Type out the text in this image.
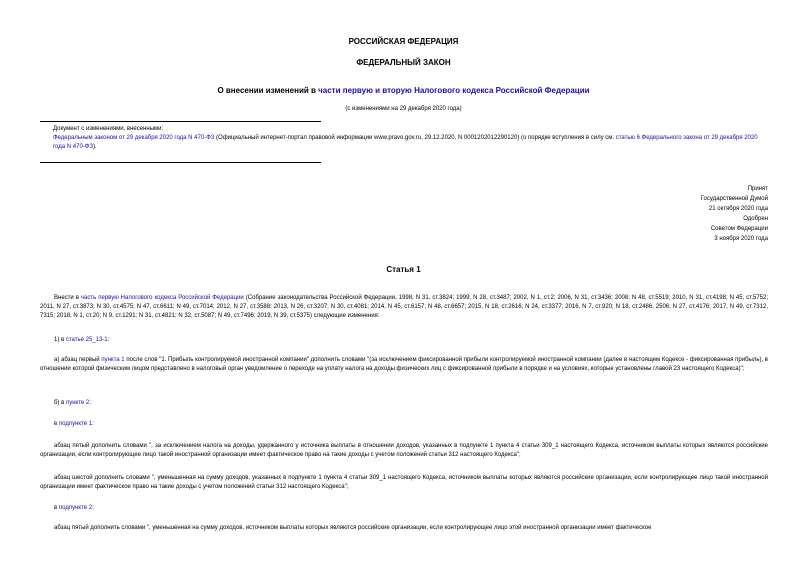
РОССИЙСКАЯ ФЕДЕРАЦИЯ
ФЕДЕРАЛЬНЫЙ ЗАКОН
О внесении изменений в части первую и вторую Налогового кодекса Российской Федерации
(с изменениями на 29 декабря 2020 года)
Документ с изменениями, внесенными:
Федеральным законом от 29 декабря 2020 года N 470-ФЗ (Официальный интернет-портал правовой информации www.pravo.gov.ru, 29.12.2020, N 0001202012290120) (о порядке вступления в силу см. статью 6 Федерального закона от 29 декабря 2020 года N 470-ФЗ).
Принят
Государственной Думой
21 октября 2020 года
Одобрен
Советом Федерации
3 ноября 2020 года
Статья 1
Внести в часть первую Налогового кодекса Российской Федерации (Собрание законодательства Российской Федерации, 1998, N 31, ст.3824; 1999, N 28, ст.3487; 2002, N 1, ст.2; 2006, N 31, ст.3436; 2008, N 48, ст.5519; 2010, N 31, ст.4198; N 45, ст.5752; 2011, N 27, ст.3873; N 30, ст.4575; N 47, ст.6611; N 49, ст.7014; 2012, N 27, ст.3588; 2013, N 26, ст.3207; N 30, ст.4081; 2014, N 45, ст.6157; N 48, ст.6657; 2015, N 18, ст.2616; N 24, ст.3377; 2016, N 7, ст.920; N 18, ст.2486, 2506; N 27, ст.4176; 2017, N 49, ст.7312, 7315; 2018, N 1, ст.20; N 9, ст.1291; N 31, ст.4821; N 32, ст.5087; N 49, ст.7496; 2019, N 39, ст.5375) следующие изменения:
1) в статье 25_13-1:
а) абзац первый пункта 1 после слов "1. Прибыль контролируемой иностранной компании" дополнить словами "(за исключением фиксированной прибыли контролируемой иностранной компании (далее в настоящем Кодексе - фиксированная прибыль), в отношении которой физическим лицом представлено в налоговый орган уведомление о переходе на уплату налога на доходы физических лиц с фиксированной прибыли в порядке и на условиях, которые установлены главой 23 настоящего Кодекса)";
б) в пункте 2:
в подпункте 1:
абзац пятый дополнить словами ", за исключением налога на доходы, удержанного у источника выплаты в отношении доходов, указанных в подпункте 1 пункта 4 статьи 309_1 настоящего Кодекса, источником выплаты которых являются российские организации, если контролирующее лицо такой иностранной организации имеет фактическое право на такие доходы с учетом положений статьи 312 настоящего Кодекса";
абзац шестой дополнить словами ", уменьшенная на сумму доходов, указанных в подпункте 1 пункта 4 статьи 309_1 настоящего Кодекса, источником выплаты которых являются российские организации, если контролирующее лицо такой иностранной организации имеет фактическое право на такие доходы с учетом положений статьи 312 настоящего Кодекса";
в подпункте 2:
абзац пятый дополнить словами ", уменьшенная на сумму доходов, источником выплаты которых являются российские организации, если контролирующее лицо этой иностранной организации имеет фактическое
